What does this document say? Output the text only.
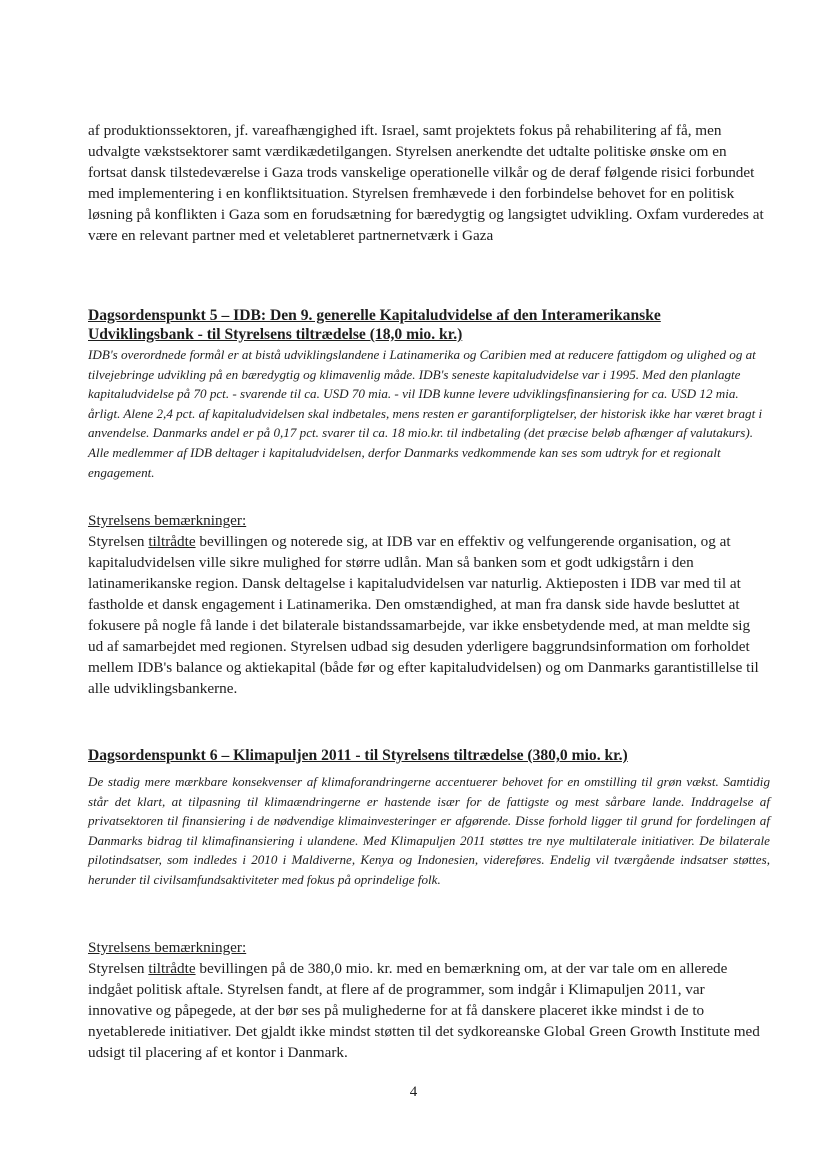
af produktionssektoren, jf. vareafhængighed ift. Israel, samt projektets fokus på rehabilitering af få, men udvalgte vækstsektorer samt værdikædetilgangen. Styrelsen anerkendte det udtalte politiske ønske om en fortsat dansk tilstedeværelse i Gaza trods vanskelige operationelle vilkår og de deraf følgende risici forbundet med implementering i en konfliktsituation. Styrelsen fremhævede i den forbindelse behovet for en politisk løsning på konflikten i Gaza som en forudsætning for bæredygtig og langsigtet udvikling. Oxfam vurderedes at være en relevant partner med et veletableret partnernetværk i Gaza

Dagsordenspunkt 5 – IDB: Den 9. generelle Kapitaludvidelse af den Interamerikanske Udviklingsbank - til Styrelsens tiltrædelse (18,0 mio. kr.)

IDB's overordnede formål er at bistå udviklingslandene i Latinamerika og Caribien med at reducere fattigdom og ulighed og at tilvejebringe udvikling på en bæredygtig og klimavenlig måde. IDB's seneste kapitaludvidelse var i 1995. Med den planlagte kapitaludvidelse på 70 pct. - svarende til ca. USD 70 mia. - vil IDB kunne levere udviklingsfinansiering for ca. USD 12 mia. årligt. Alene 2,4 pct. af kapitaludvidelsen skal indbetales, mens resten er garantiforpligtelser, der historisk ikke har været bragt i anvendelse. Danmarks andel er på 0,17 pct. svarer til ca. 18 mio.kr. til indbetaling (det præcise beløb afhænger af valutakurs). Alle medlemmer af IDB deltager i kapitaludvidelsen, derfor Danmarks vedkommende kan ses som udtryk for et regionalt engagement.

Styrelsens bemærkninger:

Styrelsen tiltrådte bevillingen og noterede sig, at IDB var en effektiv og velfungerende organisation, og at kapitaludvidelsen ville sikre mulighed for større udlån. Man så banken som et godt udkigstårn i den latinamerikanske region. Dansk deltagelse i kapitaludvidelsen var naturlig. Aktieposten i IDB var med til at fastholde et dansk engagement i Latinamerika. Den omstændighed, at man fra dansk side havde besluttet at fokusere på nogle få lande i det bilaterale bistandssamarbejde, var ikke ensbetydende med, at man meldte sig ud af samarbejdet med regionen. Styrelsen udbad sig desuden yderligere baggrundsinformation om forholdet mellem IDB's balance og aktiekapital (både før og efter kapitaludvidelsen) og om Danmarks garantistillelse til alle udviklingsbankerne.

Dagsordenspunkt 6 – Klimapuljen 2011 - til Styrelsens tiltrædelse (380,0 mio. kr.)

De stadig mere mærkbare konsekvenser af klimaforandringerne accentuerer behovet for en omstilling til grøn vækst. Samtidig står det klart, at tilpasning til klimaændringerne er hastende især for de fattigste og mest sårbare lande. Inddragelse af privatsektoren til finansiering i de nødvendige klimainvesteringer er afgørende. Disse forhold ligger til grund for fordelingen af Danmarks bidrag til klimafinansiering i ulandene. Med Klimapuljen 2011 støttes tre nye multilaterale initiativer. De bilaterale pilotindsatser, som indledes i 2010 i Maldiverne, Kenya og Indonesien, videreføres. Endelig vil tværgående indsatser støttes, herunder til civilsamfundsaktiviteter med fokus på oprindelige folk.

Styrelsens bemærkninger:

Styrelsen tiltrådte bevillingen på de 380,0 mio. kr. med en bemærkning om, at der var tale om en allerede indgået politisk aftale. Styrelsen fandt, at flere af de programmer, som indgår i Klimapuljen 2011, var innovative og påpegede, at der bør ses på mulighederne for at få danskere placeret ikke mindst i de to nyetablerede initiativer. Det gjaldt ikke mindst støtten til det sydkoreanske Global Green Growth Institute med udsigt til placering af et kontor i Danmark.

4
